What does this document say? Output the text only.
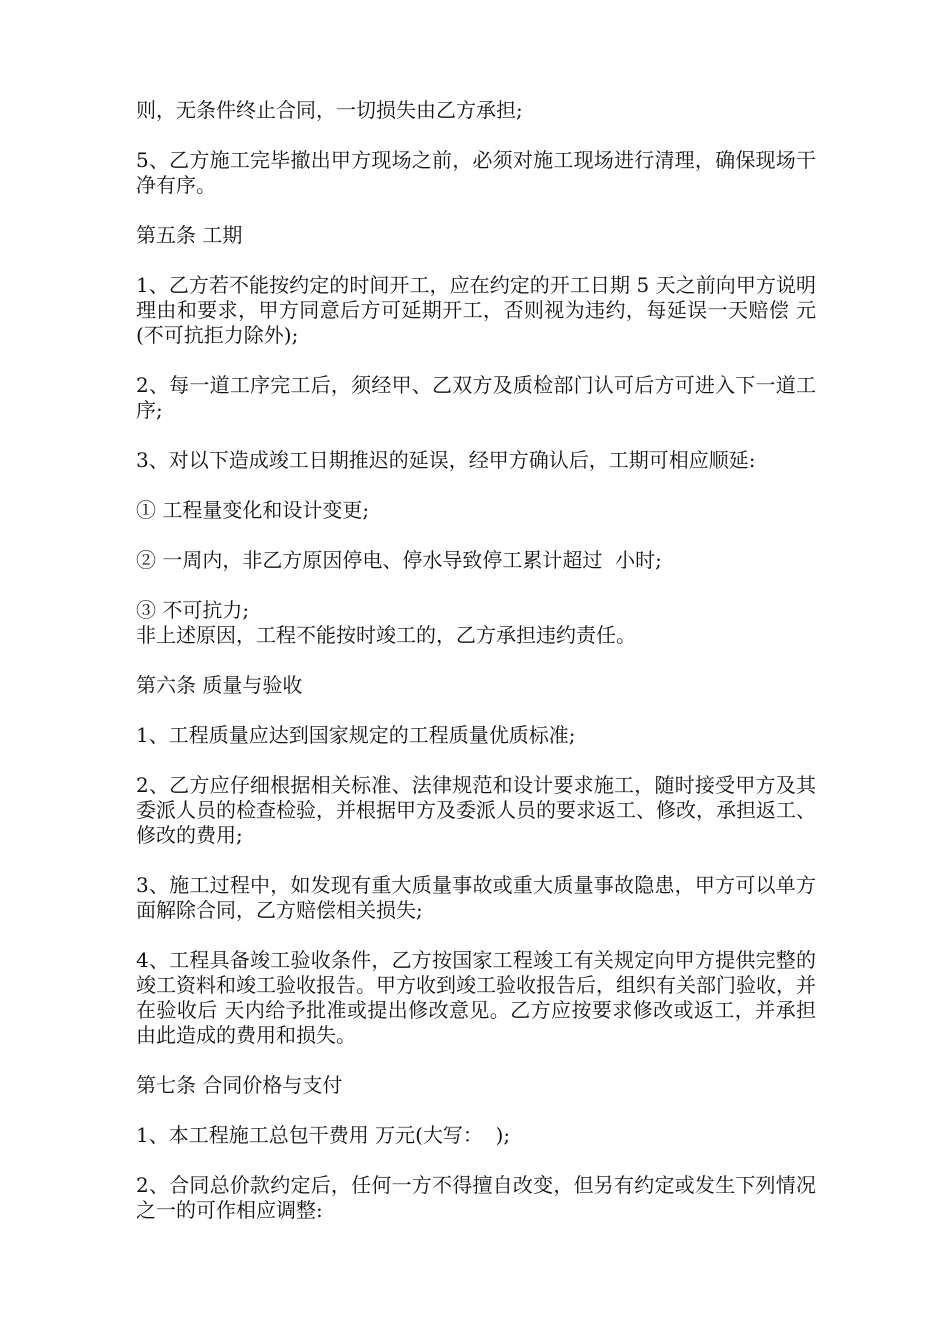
则，无条件终止合同，一切损失由乙方承担;

5、乙方施工完毕撤出甲方现场之前，必须对施工现场进行清理，确保现场干净有序。

第五条 工期

1、乙方若不能按约定的时间开工，应在约定的开工日期 5 天之前向甲方说明理由和要求，甲方同意后方可延期开工，否则视为违约，每延误一天赔偿 元(不可抗拒力除外);

2、每一道工序完工后，须经甲、乙双方及质检部门认可后方可进入下一道工序;

3、对以下造成竣工日期推迟的延误，经甲方确认后，工期可相应顺延:

① 工程量变化和设计变更;

② 一周内，非乙方原因停电、停水导致停工累计超过  小时;

③ 不可抗力;

非上述原因，工程不能按时竣工的，乙方承担违约责任。

第六条 质量与验收

1、工程质量应达到国家规定的工程质量优质标准;

2、乙方应仔细根据相关标准、法律规范和设计要求施工，随时接受甲方及其委派人员的检查检验，并根据甲方及委派人员的要求返工、修改，承担返工、修改的费用;

3、施工过程中，如发现有重大质量事故或重大质量事故隐患，甲方可以单方面解除合同，乙方赔偿相关损失;

4、工程具备竣工验收条件，乙方按国家工程竣工有关规定向甲方提供完整的竣工资料和竣工验收报告。甲方收到竣工验收报告后，组织有关部门验收，并在验收后 天内给予批准或提出修改意见。乙方应按要求修改或返工，并承担由此造成的费用和损失。

第七条 合同价格与支付

1、本工程施工总包干费用 万元(大写：  );

2、合同总价款约定后，任何一方不得擅自改变，但另有约定或发生下列情况之一的可作相应调整:
